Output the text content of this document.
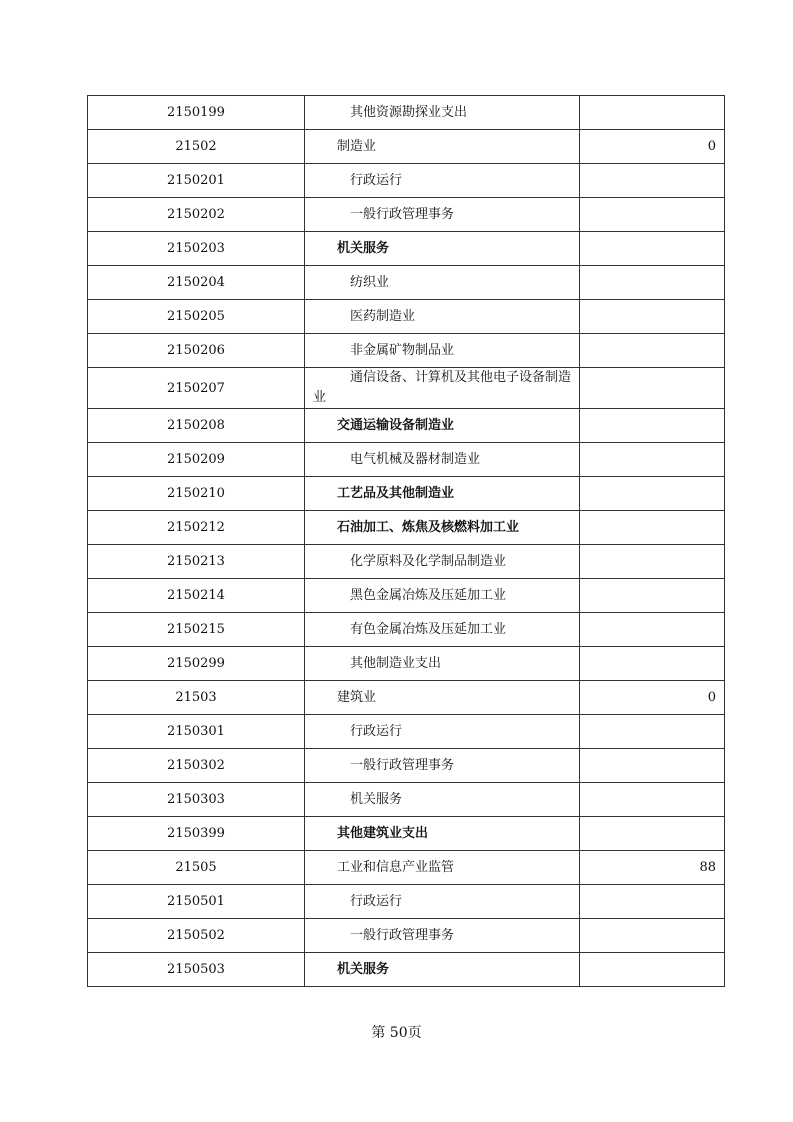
2150199	其他资源勘探业支出	
21502	制造业	0
2150201	行政运行	
2150202	一般行政管理事务	
2150203	机关服务	
2150204	纺织业	
2150205	医药制造业	
2150206	非金属矿物制品业	
2150207	通信设备、计算机及其他电子设备制造业	
2150208	交通运输设备制造业	
2150209	电气机械及器材制造业	
2150210	工艺品及其他制造业	
2150212	石油加工、炼焦及核燃料加工业	
2150213	化学原料及化学制品制造业	
2150214	黑色金属冶炼及压延加工业	
2150215	有色金属冶炼及压延加工业	
2150299	其他制造业支出	
21503	建筑业	0
2150301	行政运行	
2150302	一般行政管理事务	
2150303	机关服务	
2150399	其他建筑业支出	
21505	工业和信息产业监管	88
2150501	行政运行	
2150502	一般行政管理事务	
2150503	机关服务	
第 50页
